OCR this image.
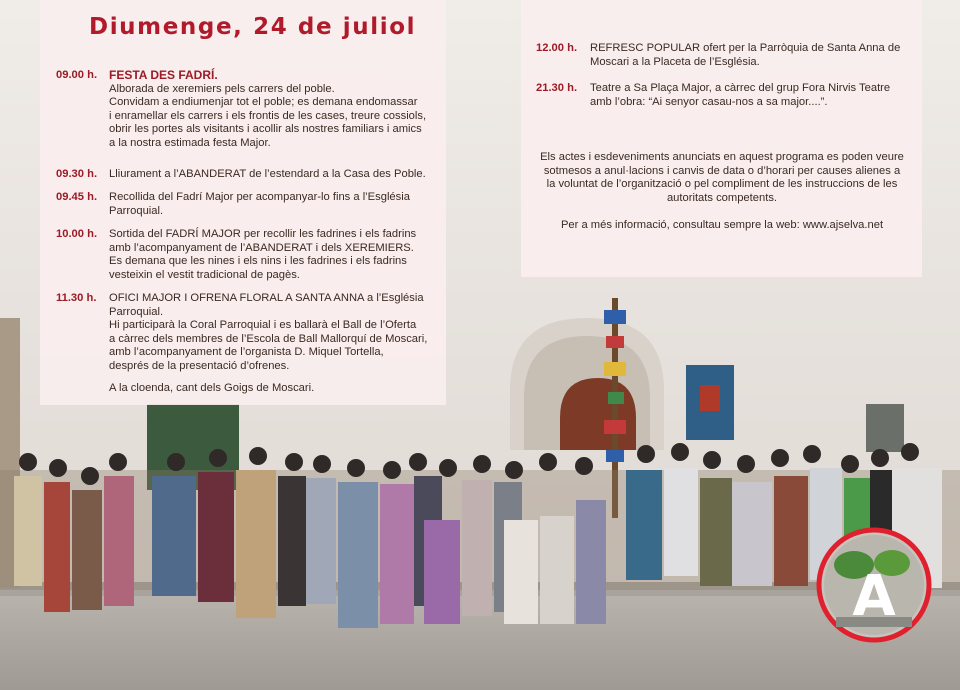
Diumenge, 24 de juliol
09.00 h. FESTA DES FADRÍ.

Alborada de xeremiers pels carrers del poble.

Convidam a endiumenjar tot el poble; es demana endomassar

i enramellar els carrers i els frontis de les cases, treure cossiols,

obrir les portes als visitants i acollir als nostres familiars i amics

a la nostra estimada festa Major.

09.30 h. Lliurament a l’ABANDERAT de l’estendard a la Casa des Poble.

09.45 h. Recollida del Fadrí Major per acompanyar-lo fins a l’Església

Parroquial.

10.00 h. Sortida del FADRÍ MAJOR per recollir les fadrines i els fadrins

amb l’acompanyament de l’ABANDERAT i dels XEREMIERS.

Es demana que les nines i els nins i les fadrines i els fadrins

vesteixin el vestit tradicional de pagès.

11.30 h. OFICI MAJOR I OFRENA FLORAL A SANTA ANNA a l’Església

Parroquial.

Hi participarà la Coral Parroquial i es ballarà el Ball de l’Oferta

a càrrec dels membres de l’Escola de Ball Mallorquí de Moscari,

amb l’acompanyament de l’organista D. Miquel Tortella,

després de la presentació d’ofrenes.

A la cloenda, cant dels Goigs de Moscari.

12.00 h. REFRESC POPULAR ofert per la Parròquia de Santa Anna de

Moscari a la Placeta de l’Església.

21.30 h. Teatre a Sa Plaça Major, a càrrec del grup Fora Nirvis Teatre

amb l’obra: “Ai senyor casau-nos a sa major....”.

Els actes i esdeveniments anunciats en aquest programa es poden veure
sotmesos a anul·lacions i canvis de data o d’horari per causes alienes a
la voluntat de l’organització o pel compliment de les instruccions de les
autoritats competents.

Per a més informació, consultau sempre la web: www.ajselva.net

A
